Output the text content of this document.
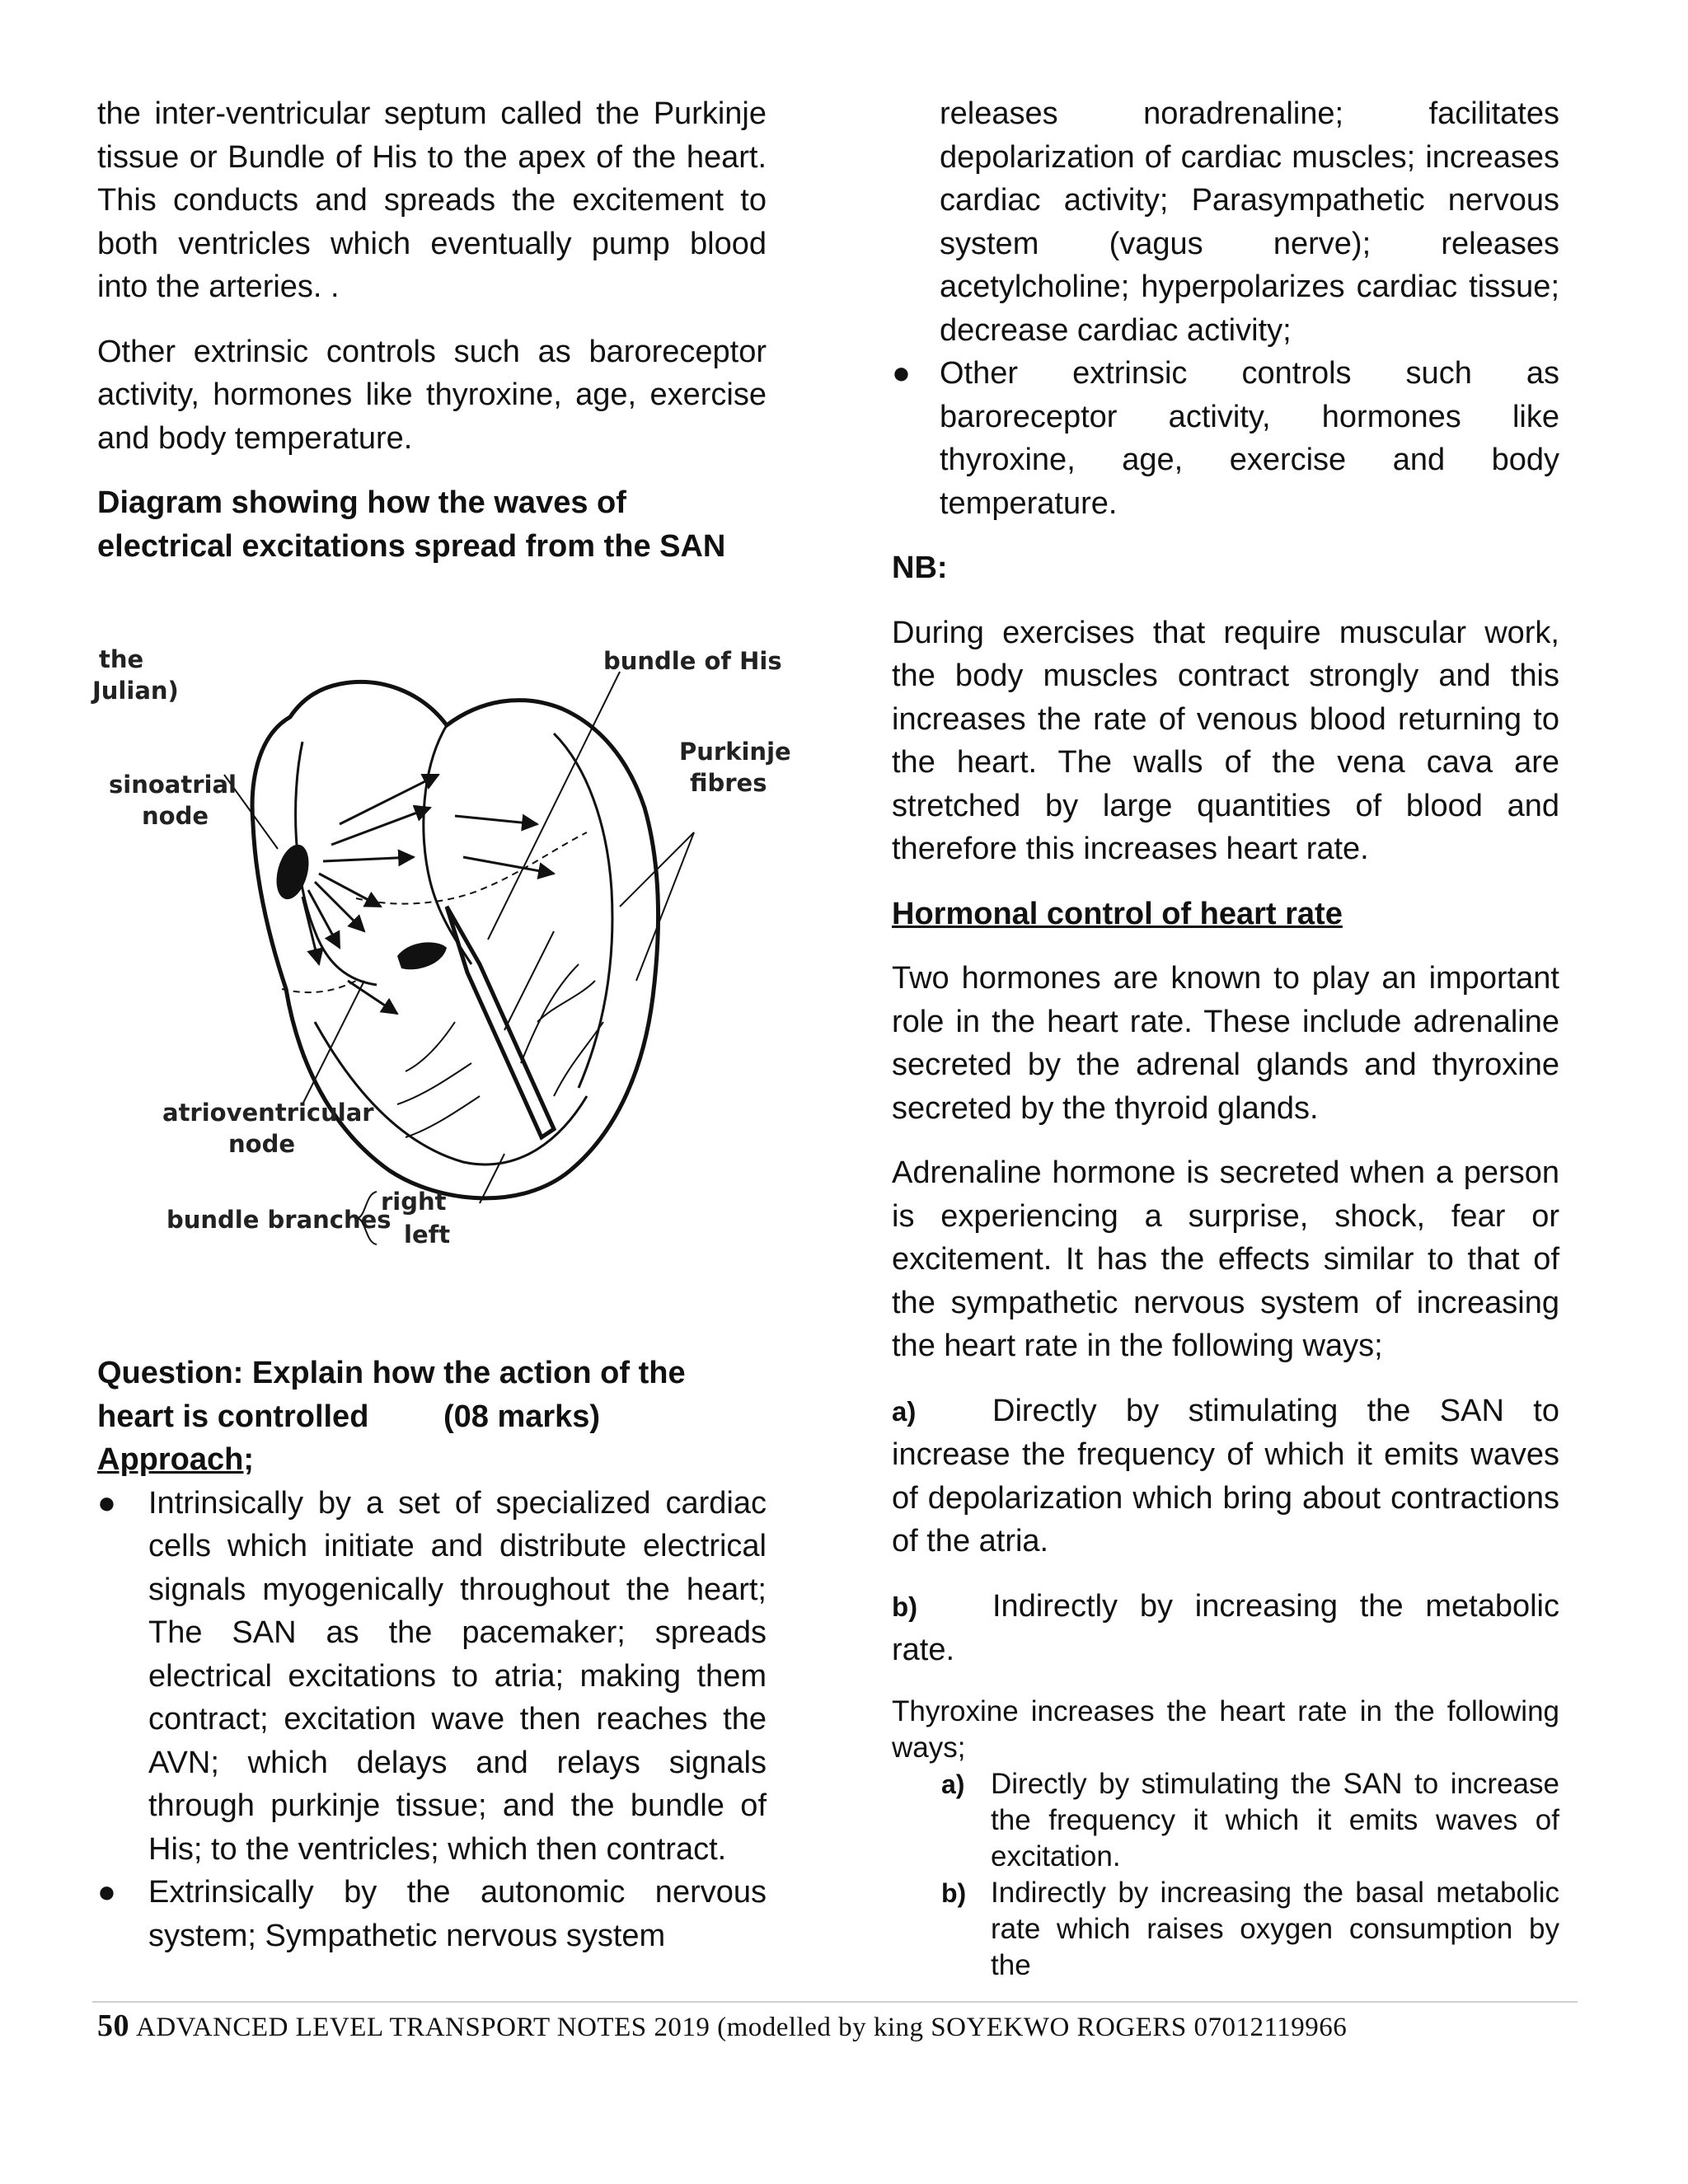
the inter-ventricular septum called the Purkinje tissue or Bundle of His to the apex of the heart. This conducts and spreads the excitement to both ventricles which eventually pump blood into the arteries. .

Other extrinsic controls such as baroreceptor activity, hormones like thyroxine, age, exercise and body temperature.

Diagram showing how the waves of electrical excitations spread from the SAN

the
Julian)
sinoatrial
node
bundle of His
Purkinje
fibres
atrioventricular
node
bundle branches
right
left

Question: Explain how the action of the heart is controlled (08 marks)

Approach;

●	Intrinsically by a set of specialized cardiac cells which initiate and distribute electrical signals myogenically throughout the heart; The SAN as the pacemaker; spreads electrical excitations to atria; making them contract; excitation wave then reaches the AVN; which delays and relays signals through purkinje tissue; and the bundle of His; to the ventricles; which then contract.
●	Extrinsically by the autonomic nervous system; Sympathetic nervous system

releases noradrenaline; facilitates depolarization of cardiac muscles; increases cardiac activity; Parasympathetic nervous system (vagus nerve); releases acetylcholine; hyperpolarizes cardiac tissue; decrease cardiac activity;

● Other extrinsic controls such as baroreceptor activity, hormones like thyroxine, age, exercise and body temperature.

NB:

During exercises that require muscular work, the body muscles contract strongly and this increases the rate of venous blood returning to the heart. The walls of the vena cava are stretched by large quantities of blood and therefore this increases heart rate.

Hormonal control of heart rate

Two hormones are known to play an important role in the heart rate. These include adrenaline secreted by the adrenal glands and thyroxine secreted by the thyroid glands.

Adrenaline hormone is secreted when a person is experiencing a surprise, shock, fear or excitement. It has the effects similar to that of the sympathetic nervous system of increasing the heart rate in the following ways;

a) Directly by stimulating the SAN to increase the frequency of which it emits waves of depolarization which bring about contractions of the atria.

b) Indirectly by increasing the metabolic rate.

Thyroxine increases the heart rate in the following ways;

a) Directly by stimulating the SAN to increase the frequency it which it emits waves of excitation.
b) Indirectly by increasing the basal metabolic rate which raises oxygen consumption by the
50 ADVANCED LEVEL TRANSPORT NOTES 2019 (modelled by king SOYEKWO ROGERS 07012119966
